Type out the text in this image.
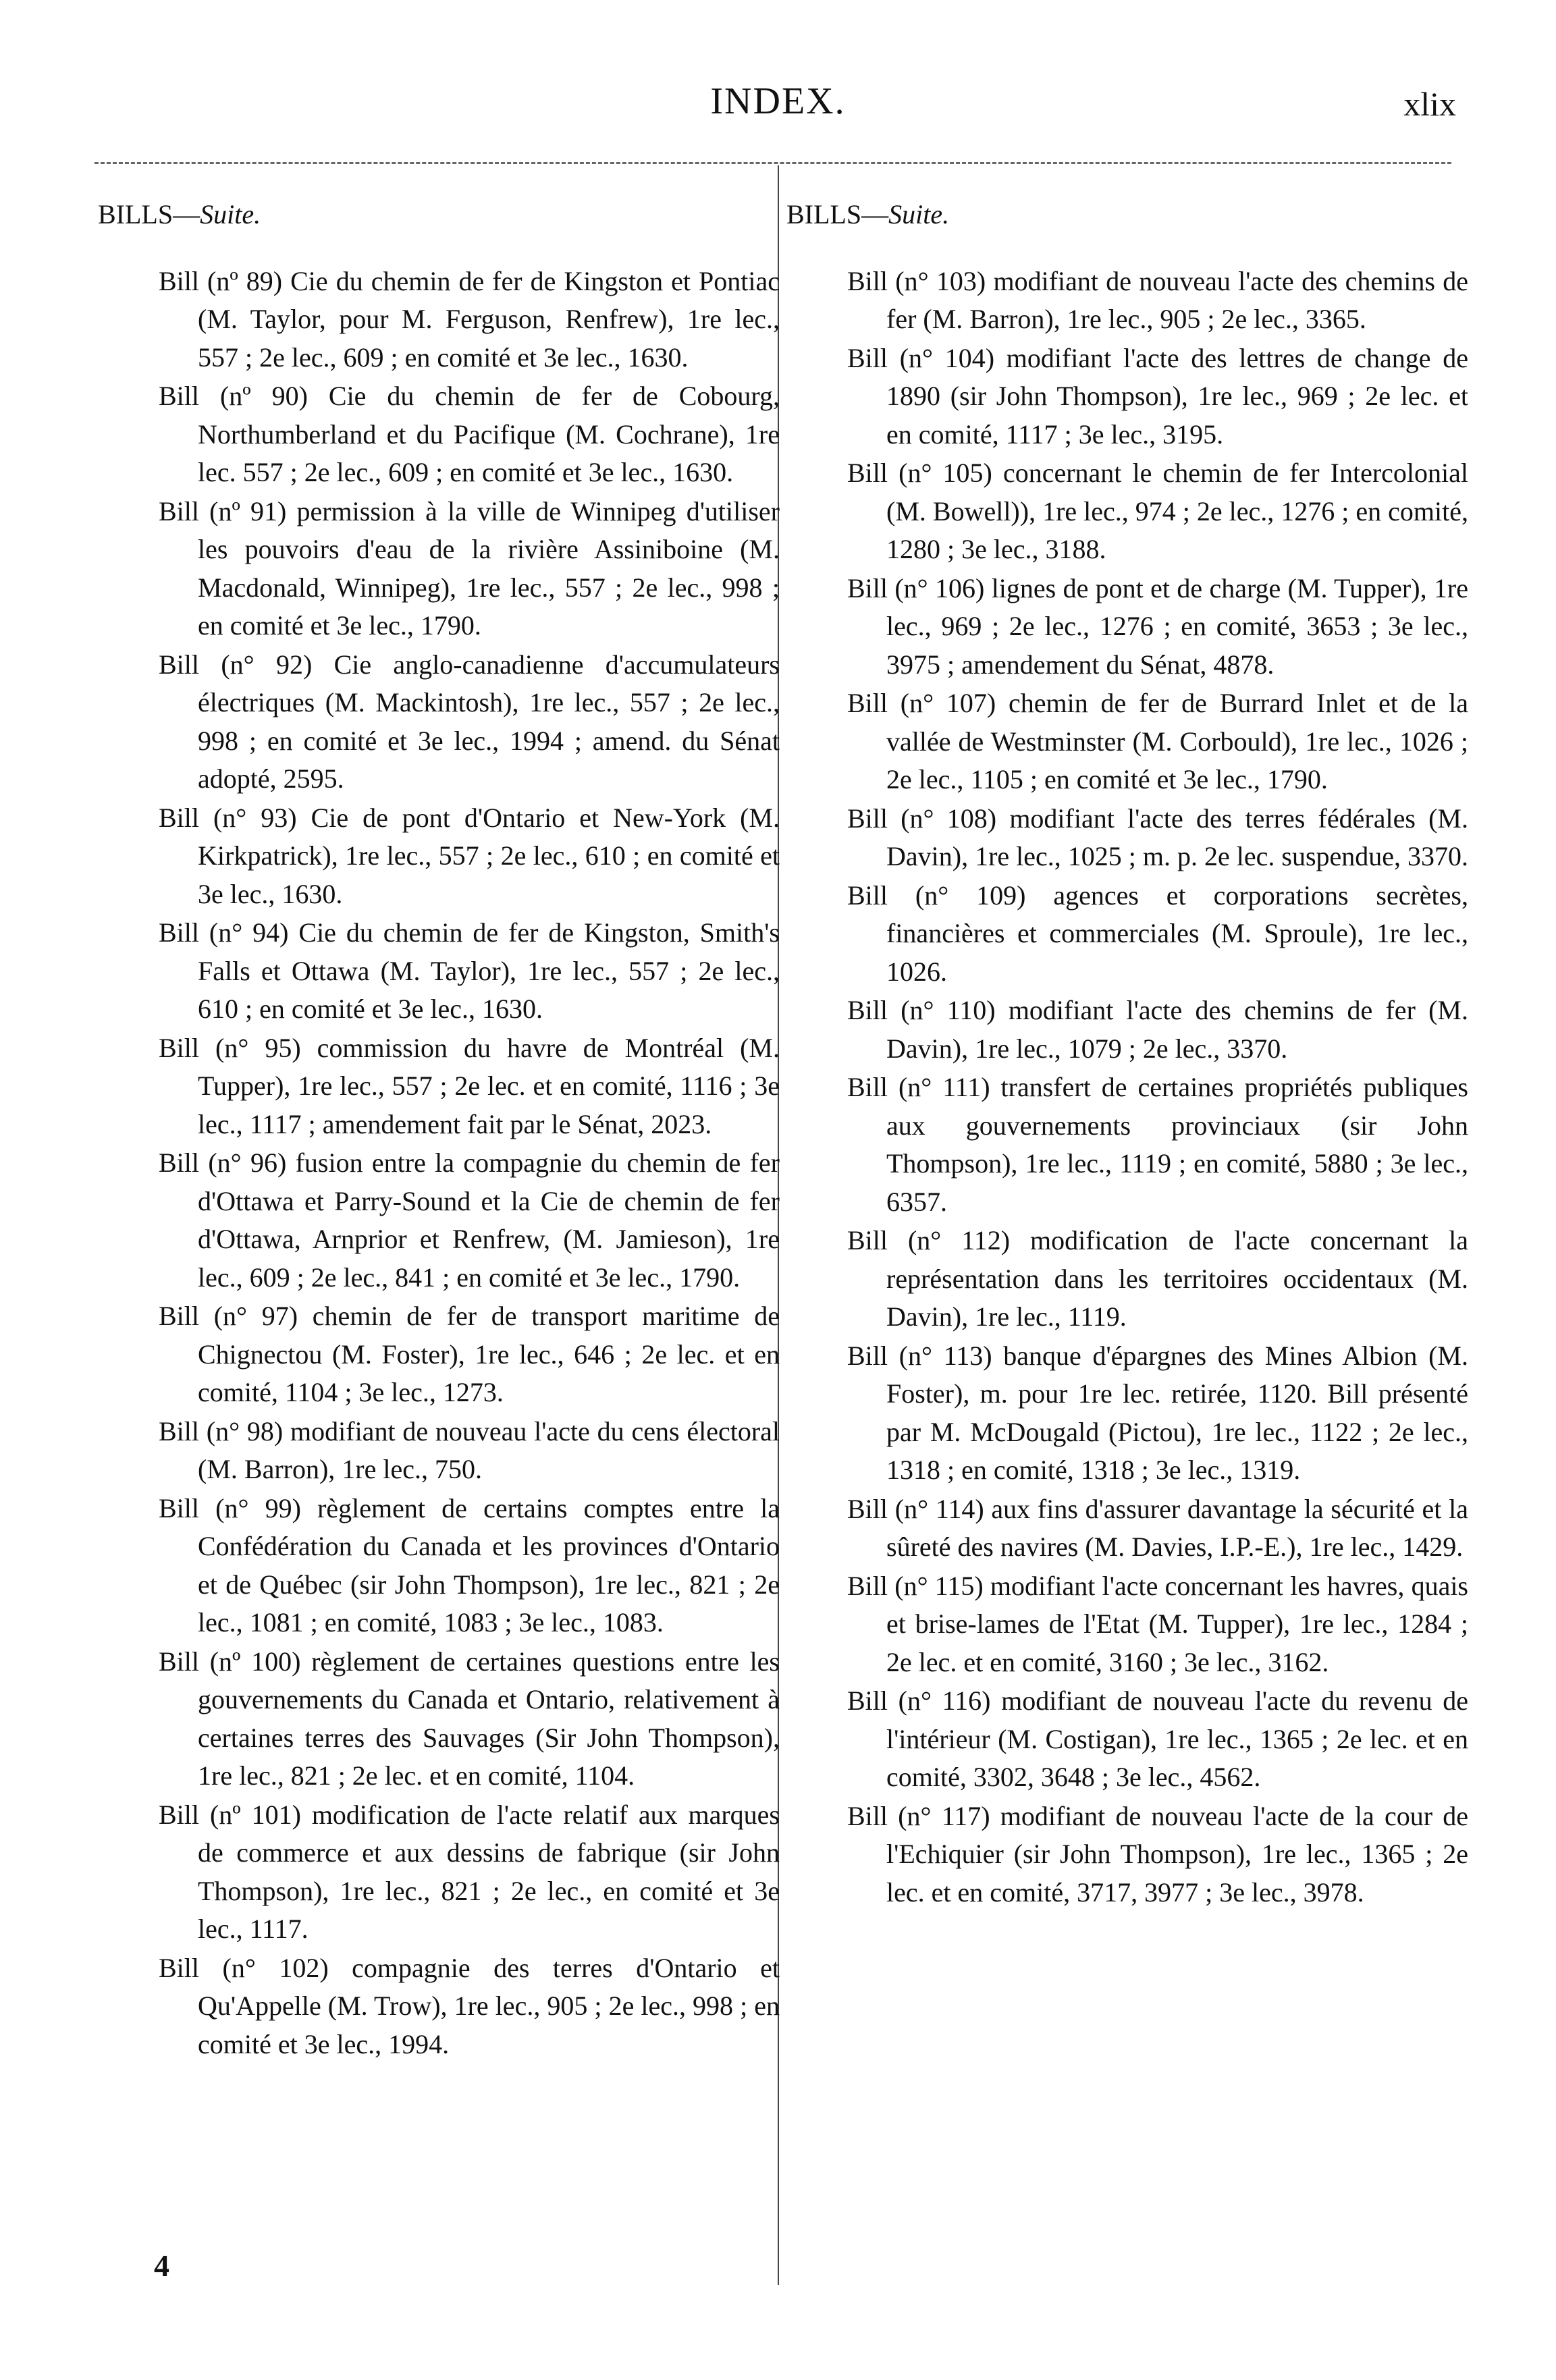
INDEX.	xlix
BILLS—Suite.

Bill (nº 89) Cie du chemin de fer de Kingston et Pontiac (M. Taylor, pour M. Ferguson, Renfrew), 1re lec., 557 ; 2e lec., 609 ; en comité et 3e lec., 1630.

Bill (nº 90) Cie du chemin de fer de Cobourg, Northumberland et du Pacifique (M. Cochrane), 1re lec. 557 ; 2e lec., 609 ; en comité et 3e lec., 1630.

Bill (nº 91) permission à la ville de Winnipeg d'utiliser les pouvoirs d'eau de la rivière Assiniboine (M. Macdonald, Winnipeg), 1re lec., 557 ; 2e lec., 998 ; en comité et 3e lec., 1790.

Bill (n° 92) Cie anglo-canadienne d'accumulateurs électriques (M. Mackintosh), 1re lec., 557 ; 2e lec., 998 ; en comité et 3e lec., 1994 ; amend. du Sénat adopté, 2595.

Bill (n° 93) Cie de pont d'Ontario et New-York (M. Kirkpatrick), 1re lec., 557 ; 2e lec., 610 ; en comité et 3e lec., 1630.

Bill (n° 94) Cie du chemin de fer de Kingston, Smith's Falls et Ottawa (M. Taylor), 1re lec., 557 ; 2e lec., 610 ; en comité et 3e lec., 1630.

Bill (n° 95) commission du havre de Montréal (M. Tupper), 1re lec., 557 ; 2e lec. et en comité, 1116 ; 3e lec., 1117 ; amendement fait par le Sénat, 2023.

Bill (n° 96) fusion entre la compagnie du chemin de fer d'Ottawa et Parry-Sound et la Cie de chemin de fer d'Ottawa, Arnprior et Renfrew, (M. Jamieson), 1re lec., 609 ; 2e lec., 841 ; en comité et 3e lec., 1790.

Bill (n° 97) chemin de fer de transport maritime de Chignectou (M. Foster), 1re lec., 646 ; 2e lec. et en comité, 1104 ; 3e lec., 1273.

Bill (n° 98) modifiant de nouveau l'acte du cens électoral (M. Barron), 1re lec., 750.

Bill (n° 99) règlement de certains comptes entre la Confédération du Canada et les provinces d'Ontario et de Québec (sir John Thompson), 1re lec., 821 ; 2e lec., 1081 ; en comité, 1083 ; 3e lec., 1083.

Bill (nº 100) règlement de certaines questions entre les gouvernements du Canada et Ontario, relativement à certaines terres des Sauvages (Sir John Thompson), 1re lec., 821 ; 2e lec. et en comité, 1104.

Bill (nº 101) modification de l'acte relatif aux marques de commerce et aux dessins de fabrique (sir John Thompson), 1re lec., 821 ; 2e lec., en comité et 3e lec., 1117.

Bill (n° 102) compagnie des terres d'Ontario et Qu'Appelle (M. Trow), 1re lec., 905 ; 2e lec., 998 ; en comité et 3e lec., 1994.

BILLS—Suite.

Bill (n° 103) modifiant de nouveau l'acte des chemins de fer (M. Barron), 1re lec., 905 ; 2e lec., 3365.

Bill (n° 104) modifiant l'acte des lettres de change de 1890 (sir John Thompson), 1re lec., 969 ; 2e lec. et en comité, 1117 ; 3e lec., 3195.

Bill (n° 105) concernant le chemin de fer Intercolonial (M. Bowell)), 1re lec., 974 ; 2e lec., 1276 ; en comité, 1280 ; 3e lec., 3188.

Bill (n° 106) lignes de pont et de charge (M. Tupper), 1re lec., 969 ; 2e lec., 1276 ; en comité, 3653 ; 3e lec., 3975 ; amendement du Sénat, 4878.

Bill (n° 107) chemin de fer de Burrard Inlet et de la vallée de Westminster (M. Corbould), 1re lec., 1026 ; 2e lec., 1105 ; en comité et 3e lec., 1790.

Bill (n° 108) modifiant l'acte des terres fédérales (M. Davin), 1re lec., 1025 ; m. p. 2e lec. suspendue, 3370.

Bill (n° 109) agences et corporations secrètes, financières et commerciales (M. Sproule), 1re lec., 1026.

Bill (n° 110) modifiant l'acte des chemins de fer (M. Davin), 1re lec., 1079 ; 2e lec., 3370.

Bill (n° 111) transfert de certaines propriétés publiques aux gouvernements provinciaux (sir John Thompson), 1re lec., 1119 ; en comité, 5880 ; 3e lec., 6357.

Bill (n° 112) modification de l'acte concernant la représentation dans les territoires occidentaux (M. Davin), 1re lec., 1119.

Bill (n° 113) banque d'épargnes des Mines Albion (M. Foster), m. pour 1re lec. retirée, 1120. Bill présenté par M. McDougald (Pictou), 1re lec., 1122 ; 2e lec., 1318 ; en comité, 1318 ; 3e lec., 1319.

Bill (n° 114) aux fins d'assurer davantage la sécurité et la sûreté des navires (M. Davies, I.P.-E.), 1re lec., 1429.

Bill (n° 115) modifiant l'acte concernant les havres, quais et brise-lames de l'Etat (M. Tupper), 1re lec., 1284 ; 2e lec. et en comité, 3160 ; 3e lec., 3162.

Bill (n° 116) modifiant de nouveau l'acte du revenu de l'intérieur (M. Costigan), 1re lec., 1365 ; 2e lec. et en comité, 3302, 3648 ; 3e lec., 4562.

Bill (n° 117) modifiant de nouveau l'acte de la cour de l'Echiquier (sir John Thompson), 1re lec., 1365 ; 2e lec. et en comité, 3717, 3977 ; 3e lec., 3978.

4
